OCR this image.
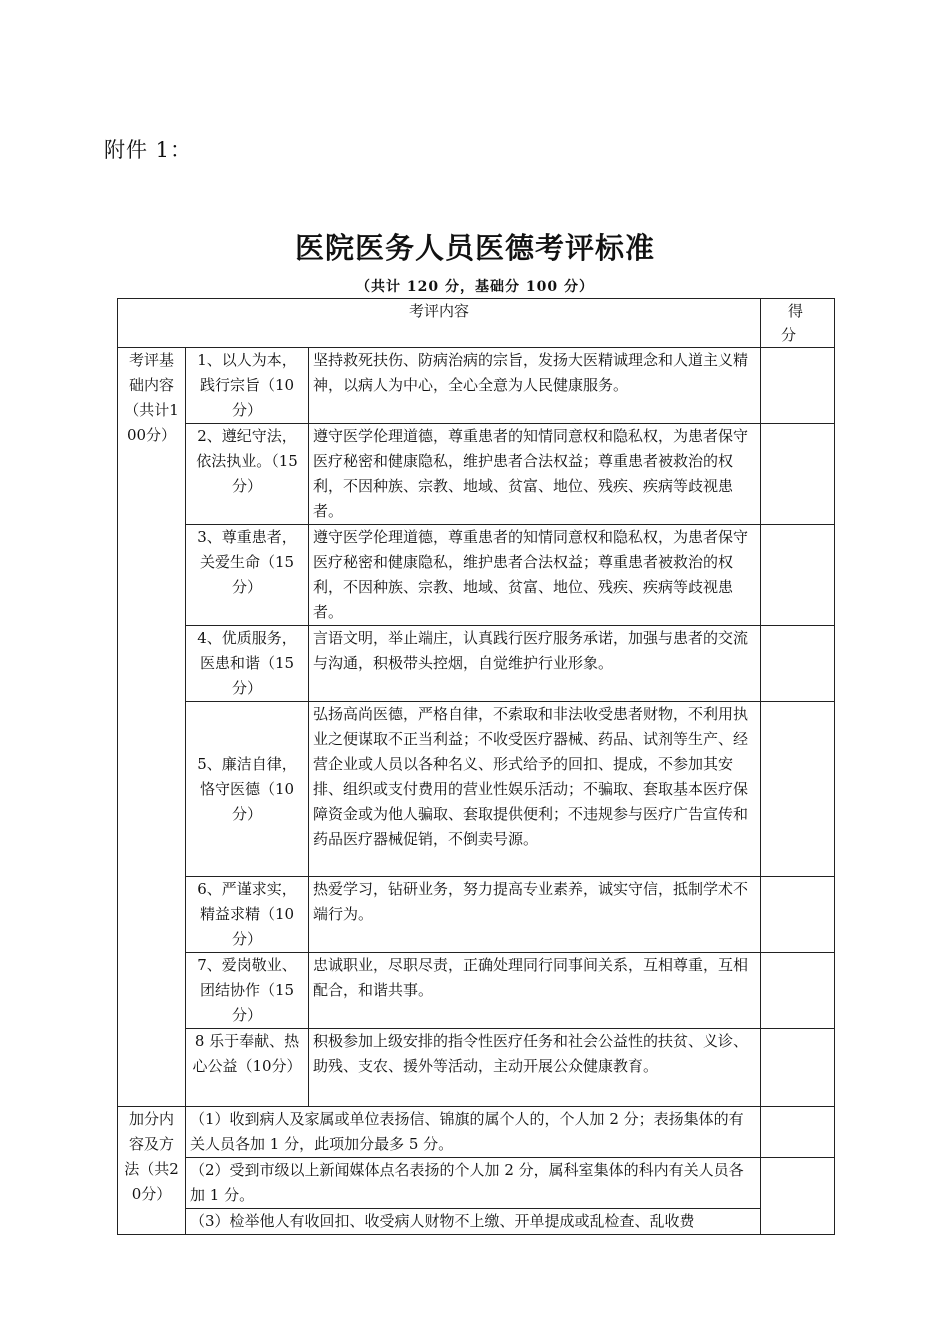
附件 1：
医院医务人员医德考评标准
（共计 120 分，基础分 100 分）
考评内容			得分
考评基础内容（共计100分）	1、以人为本，践行宗旨（10分）	坚持救死扶伤、防病治病的宗旨，发扬大医精诚理念和人道主义精神，以病人为中心，全心全意为人民健康服务。	
	2、遵纪守法，依法执业。（15 分）	遵守医学伦理道德，尊重患者的知情同意权和隐私权，为患者保守医疗秘密和健康隐私，维护患者合法权益；尊重患者被救治的权利，不因种族、宗教、地域、贫富、地位、残疾、疾病等歧视患者。	
	3、尊重患者，关爱生命（15分）	遵守医学伦理道德，尊重患者的知情同意权和隐私权，为患者保守医疗秘密和健康隐私，维护患者合法权益；尊重患者被救治的权利，不因种族、宗教、地域、贫富、地位、残疾、疾病等歧视患者。	
	4、优质服务，医患和谐（15分）	言语文明，举止端庄，认真践行医疗服务承诺，加强与患者的交流与沟通，积极带头控烟，自觉维护行业形象。	
	5、廉洁自律，恪守医德（10分）	弘扬高尚医德，严格自律，不索取和非法收受患者财物，不利用执业之便谋取不正当利益；不收受医疗器械、药品、试剂等生产、经营企业或人员以各种名义、形式给予的回扣、提成，不参加其安排、组织或支付费用的营业性娱乐活动；不骗取、套取基本医疗保障资金或为他人骗取、套取提供便利；不违规参与医疗广告宣传和药品医疗器械促销，不倒卖号源。	
	6、严谨求实，精益求精（10分）	热爱学习，钻研业务，努力提高专业素养，诚实守信，抵制学术不端行为。	
	7、爱岗敬业、团结协作（15分）	忠诚职业，尽职尽责，正确处理同行同事间关系，互相尊重，互相配合，和谐共事。	
	8 乐于奉献、热心公益（10分）	积极参加上级安排的指令性医疗任务和社会公益性的扶贫、义诊、助残、支农、援外等活动，主动开展公众健康教育。	
加分内容及方法（共20分）	（1）收到病人及家属或单位表扬信、锦旗的属个人的，个人加 2 分；表扬集体的有关人员各加 1 分，此项加分最多 5 分。		
	（2）受到市级以上新闻媒体点名表扬的个人加 2 分，属科室集体的科内有关人员各加 1 分。		
	（3）检举他人有收回扣、收受病人财物不上缴、开单提成或乱检查、乱收费		
